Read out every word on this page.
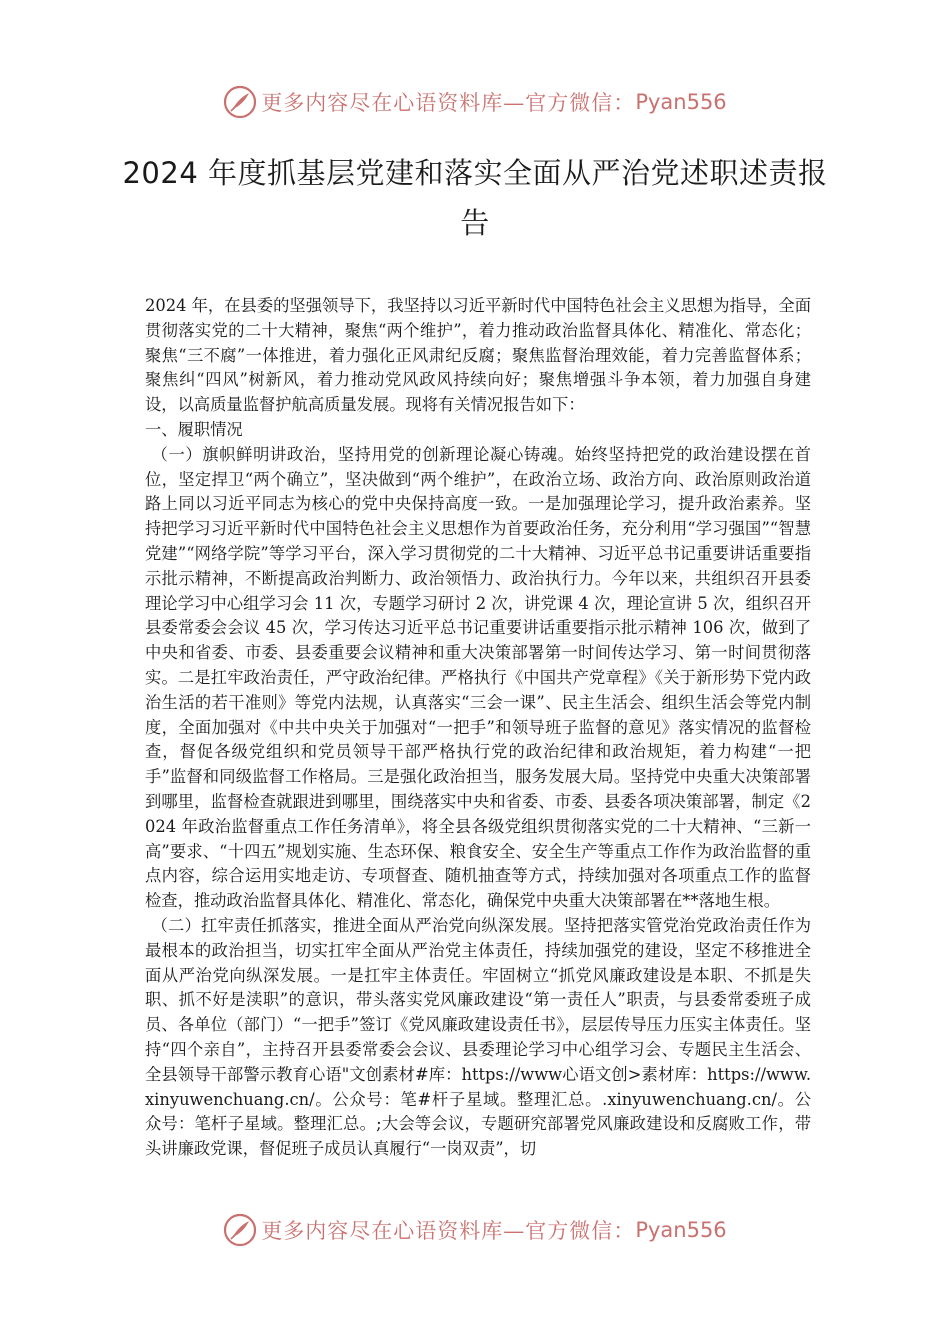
更多内容尽在心语资料库—官方微信： Pyan556
2024 年度抓基层党建和落实全面从严治党述职述责报告

2024 年，在县委的坚强领导下，我坚持以习近平新时代中国特色社会主义思想为指导，全面贯彻落实党的二十大精神，聚焦“两个维护”，着力推动政治监督具体化、精准化、常态化；聚焦“三不腐”一体推进，着力强化正风肃纪反腐；聚焦监督治理效能，着力完善监督体系；聚焦纠“四风”树新风，着力推动党风政风持续向好；聚焦增强斗争本领，着力加强自身建设，以高质量监督护航高质量发展。现将有关情况报告如下：

一、履职情况

（一）旗帜鲜明讲政治，坚持用党的创新理论凝心铸魂。始终坚持把党的政治建设摆在首位，坚定捍卫“两个确立”，坚决做到“两个维护”，在政治立场、政治方向、政治原则政治道路上同以习近平同志为核心的党中央保持高度一致。一是加强理论学习，提升政治素养。坚持把学习习近平新时代中国特色社会主义思想作为首要政治任务，充分利用“学习强国”“智慧党建”“网络学院”等学习平台，深入学习贯彻党的二十大精神、习近平总书记重要讲话重要指示批示精神，不断提高政治判断力、政治领悟力、政治执行力。今年以来，共组织召开县委理论学习中心组学习会 11 次，专题学习研讨 2 次，讲党课 4 次，理论宣讲 5 次，组织召开县委常委会会议 45 次，学习传达习近平总书记重要讲话重要指示批示精神 106 次，做到了中央和省委、市委、县委重要会议精神和重大决策部署第一时间传达学习、第一时间贯彻落实。二是扛牢政治责任，严守政治纪律。严格执行《中国共产党章程》《关于新形势下党内政治生活的若干准则》等党内法规，认真落实“三会一课”、民主生活会、组织生活会等党内制度，全面加强对《中共中央关于加强对“一把手”和领导班子监督的意见》落实情况的监督检查，督促各级党组织和党员领导干部严格执行党的政治纪律和政治规矩，着力构建“一把手”监督和同级监督工作格局。三是强化政治担当，服务发展大局。坚持党中央重大决策部署到哪里，监督检查就跟进到哪里，围绕落实中央和省委、市委、县委各项决策部署，制定《2024 年政治监督重点工作任务清单》，将全县各级党组织贯彻落实党的二十大精神、“三新一高”要求、“十四五”规划实施、生态环保、粮食安全、安全生产等重点工作作为政治监督的重点内容，综合运用实地走访、专项督查、随机抽查等方式，持续加强对各项重点工作的监督检查，推动政治监督具体化、精准化、常态化，确保党中央重大决策部署在**落地生根。

（二）扛牢责任抓落实，推进全面从严治党向纵深发展。坚持把落实管党治党政治责任作为最根本的政治担当，切实扛牢全面从严治党主体责任，持续加强党的建设，坚定不移推进全面从严治党向纵深发展。一是扛牢主体责任。牢固树立“抓党风廉政建设是本职、不抓是失职、抓不好是渎职”的意识，带头落实党风廉政建设“第一责任人”职责，与县委常委班子成员、各单位（部门）“一把手”签订《党风廉政建设责任书》，层层传导压力压实主体责任。坚持“四个亲自”，主持召开县委常委会会议、县委理论学习中心组学习会、专题民主生活会、全县领导干部警示教育心语"文创素材#库：https://www心语文创>素材库：https://www.xinyuwenchuang.cn/。公众号：笔#杆子星域。整理汇总。.xinyuwenchuang.cn/。公众号：笔杆子星域。整理汇总。;大会等会议，专题研究部署党风廉政建设和反腐败工作，带头讲廉政党课，督促班子成员认真履行“一岗双责”，切

更多内容尽在心语资料库—官方微信： Pyan556
